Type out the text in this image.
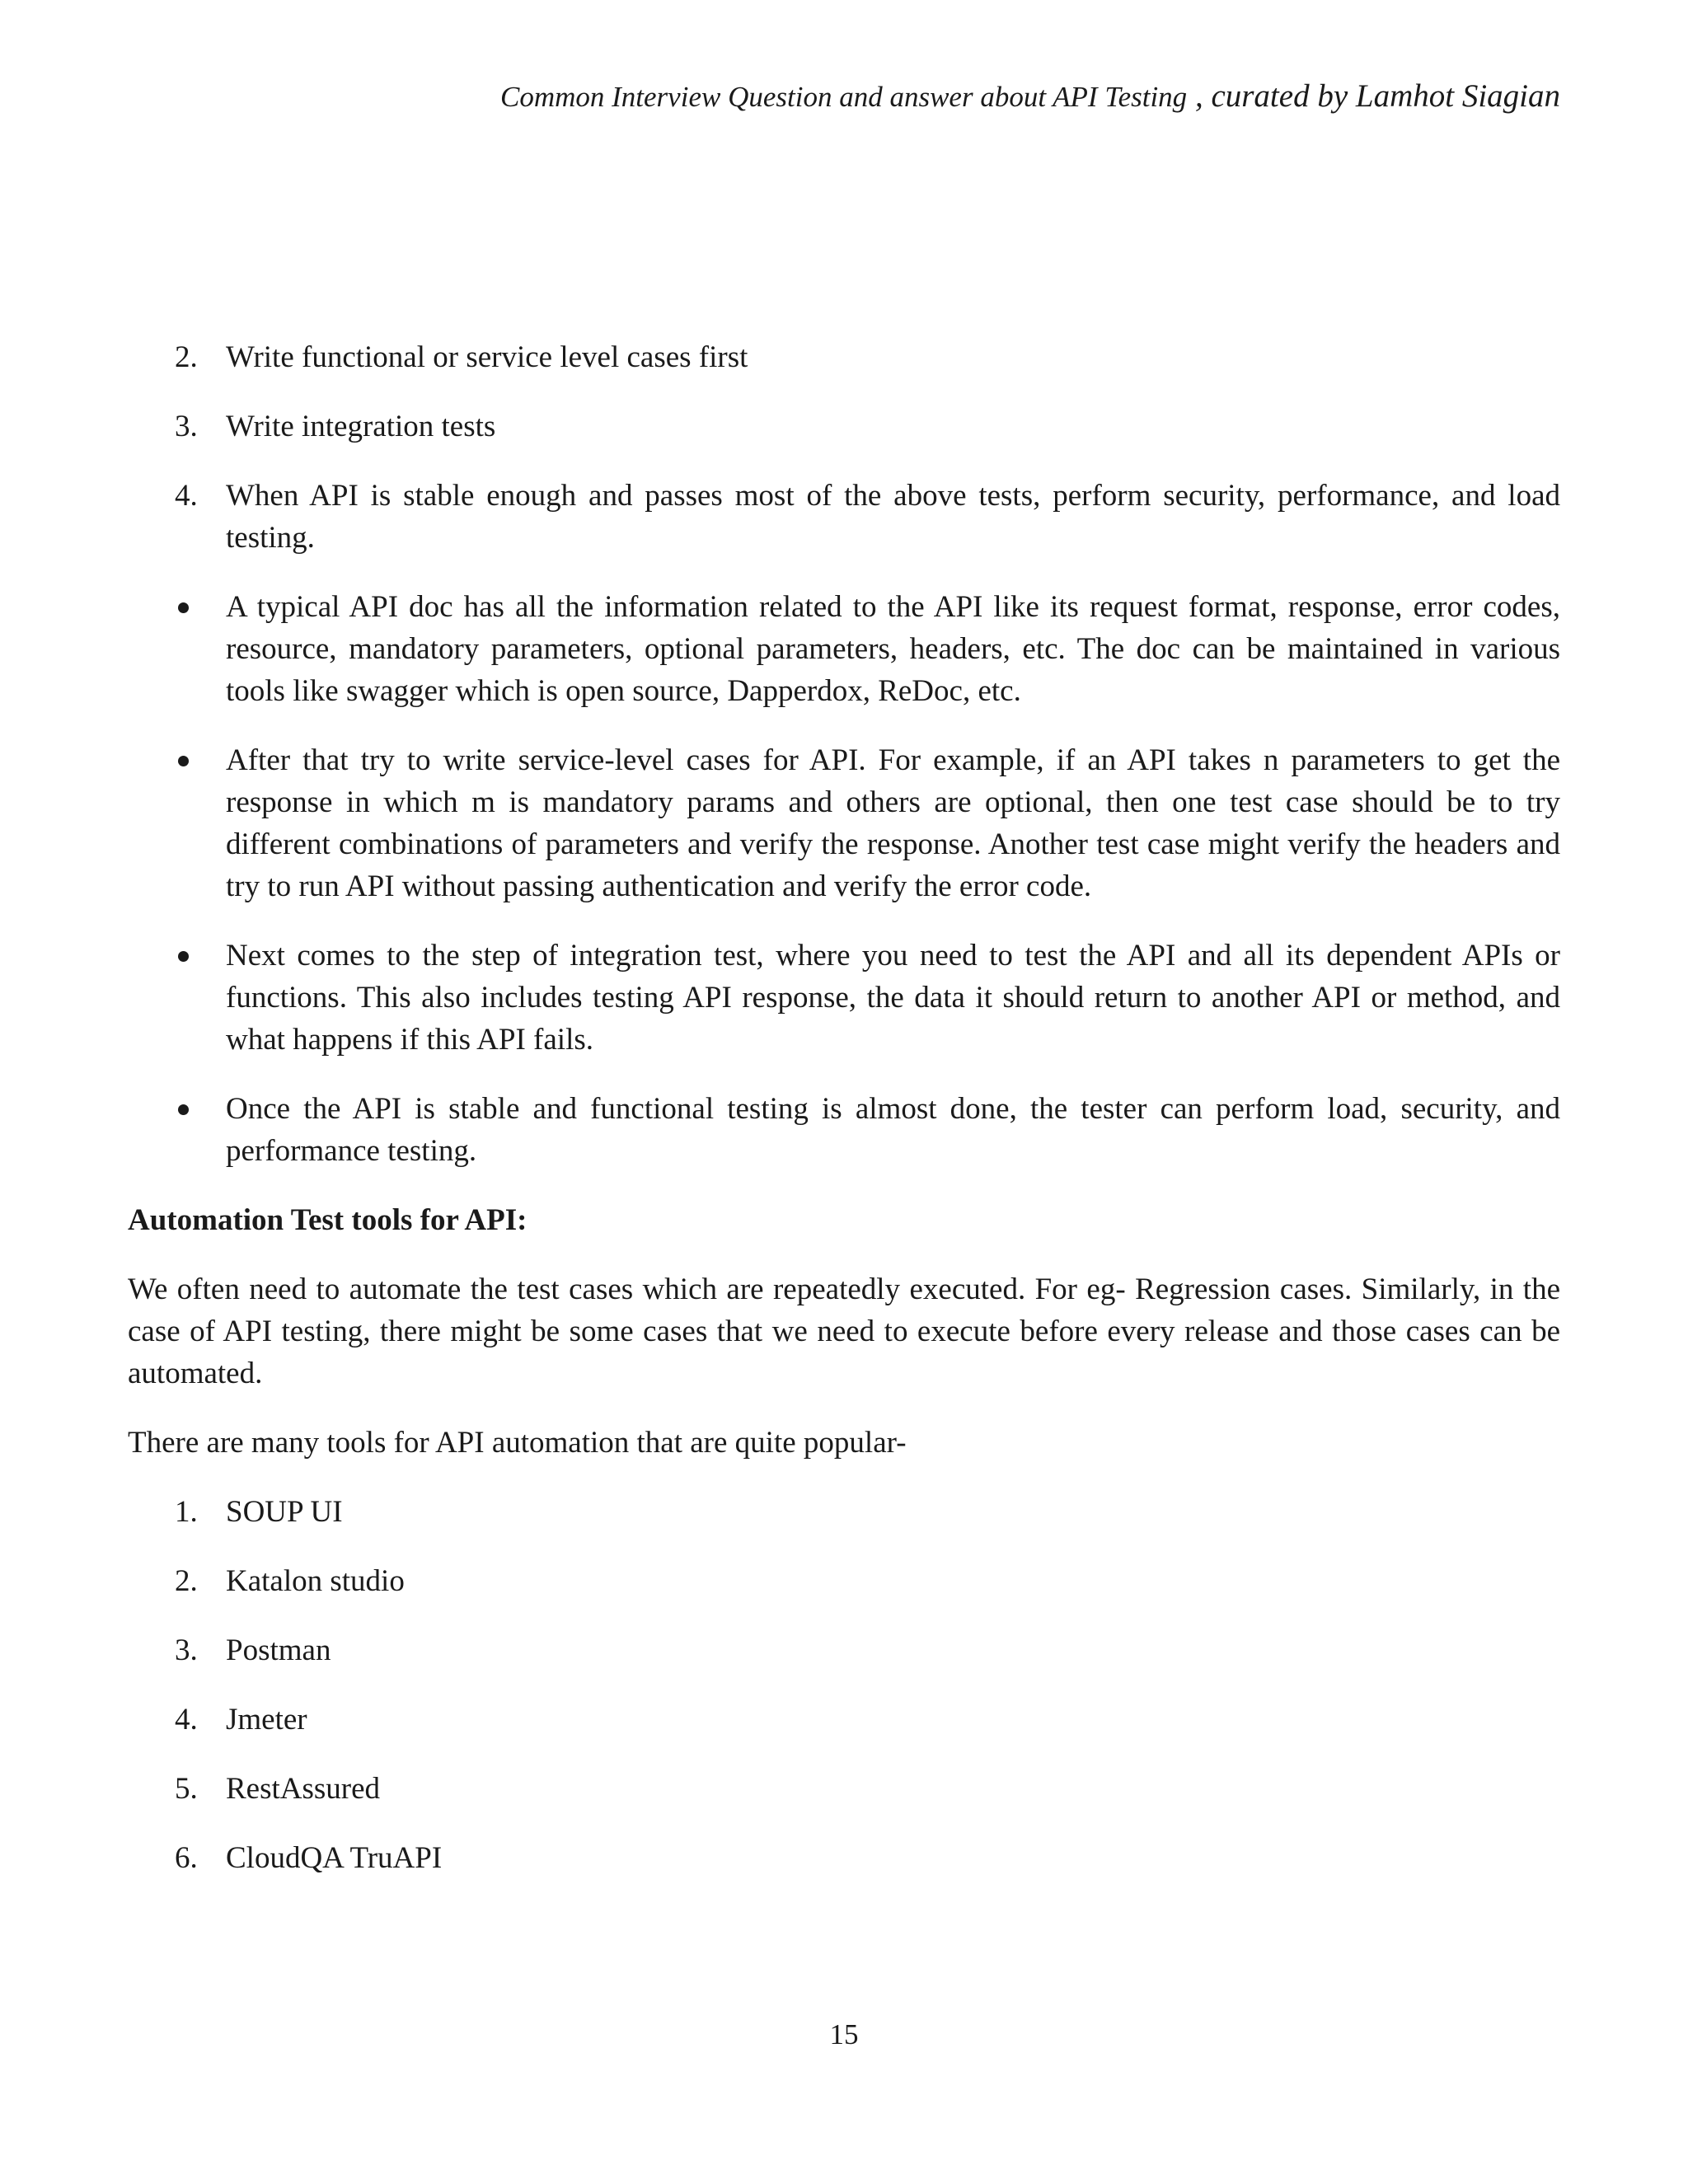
Common Interview Question and answer about API Testing , curated by Lamhot Siagian
2. Write functional or service level cases first
3. Write integration tests
4. When API is stable enough and passes most of the above tests, perform security, performance, and load testing.
A typical API doc has all the information related to the API like its request format, response, error codes, resource, mandatory parameters, optional parameters, headers, etc. The doc can be maintained in various tools like swagger which is open source, Dapperdox, ReDoc, etc.
After that try to write service-level cases for API. For example, if an API takes n parameters to get the response in which m is mandatory params and others are optional, then one test case should be to try different combinations of parameters and verify the response. Another test case might verify the headers and try to run API without passing authentication and verify the error code.
Next comes to the step of integration test, where you need to test the API and all its dependent APIs or functions. This also includes testing API response, the data it should return to another API or method, and what happens if this API fails.
Once the API is stable and functional testing is almost done, the tester can perform load, security, and performance testing.

Automation Test tools for API:

We often need to automate the test cases which are repeatedly executed. For eg- Regression cases. Similarly, in the case of API testing, there might be some cases that we need to execute before every release and those cases can be automated.

There are many tools for API automation that are quite popular-

1. SOUP UI
2. Katalon studio
3. Postman
4. Jmeter
5. RestAssured
6. CloudQA TruAPI
15
